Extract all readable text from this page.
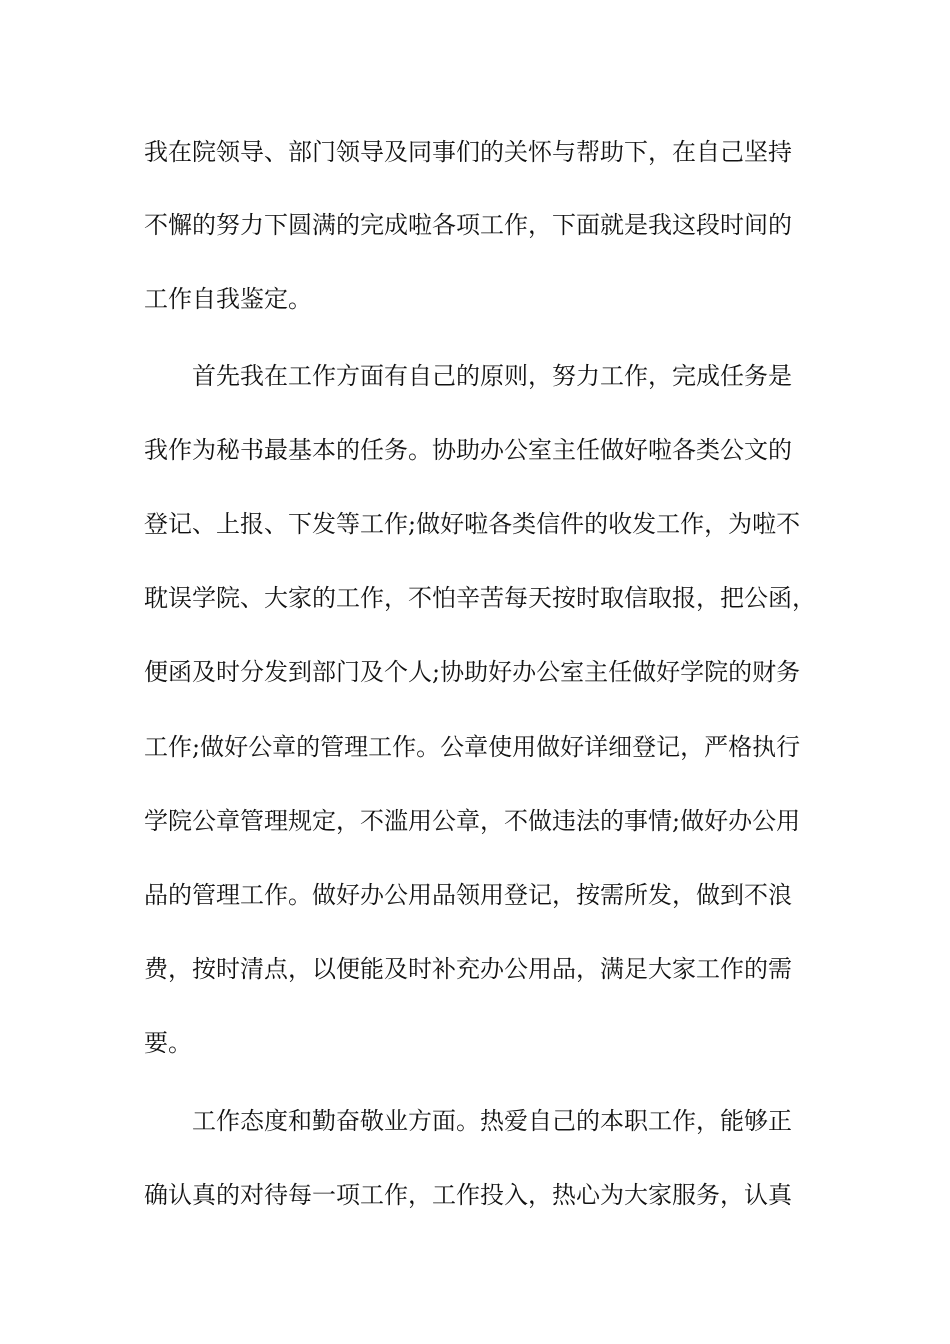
我在院领导、部门领导及同事们的关怀与帮助下，在自己坚持

不懈的努力下圆满的完成啦各项工作，下面就是我这段时间的

工作自我鉴定。

首先我在工作方面有自己的原则，努力工作，完成任务是

我作为秘书最基本的任务。协助办公室主任做好啦各类公文的

登记、上报、下发等工作;做好啦各类信件的收发工作，为啦不

耽误学院、大家的工作，不怕辛苦每天按时取信取报，把公函，

便函及时分发到部门及个人;协助好办公室主任做好学院的财务

工作;做好公章的管理工作。公章使用做好详细登记，严格执行

学院公章管理规定，不滥用公章，不做违法的事情;做好办公用

品的管理工作。做好办公用品领用登记，按需所发，做到不浪

费，按时清点，以便能及时补充办公用品，满足大家工作的需

要。

工作态度和勤奋敬业方面。热爱自己的本职工作，能够正

确认真的对待每一项工作，工作投入，热心为大家服务，认真
